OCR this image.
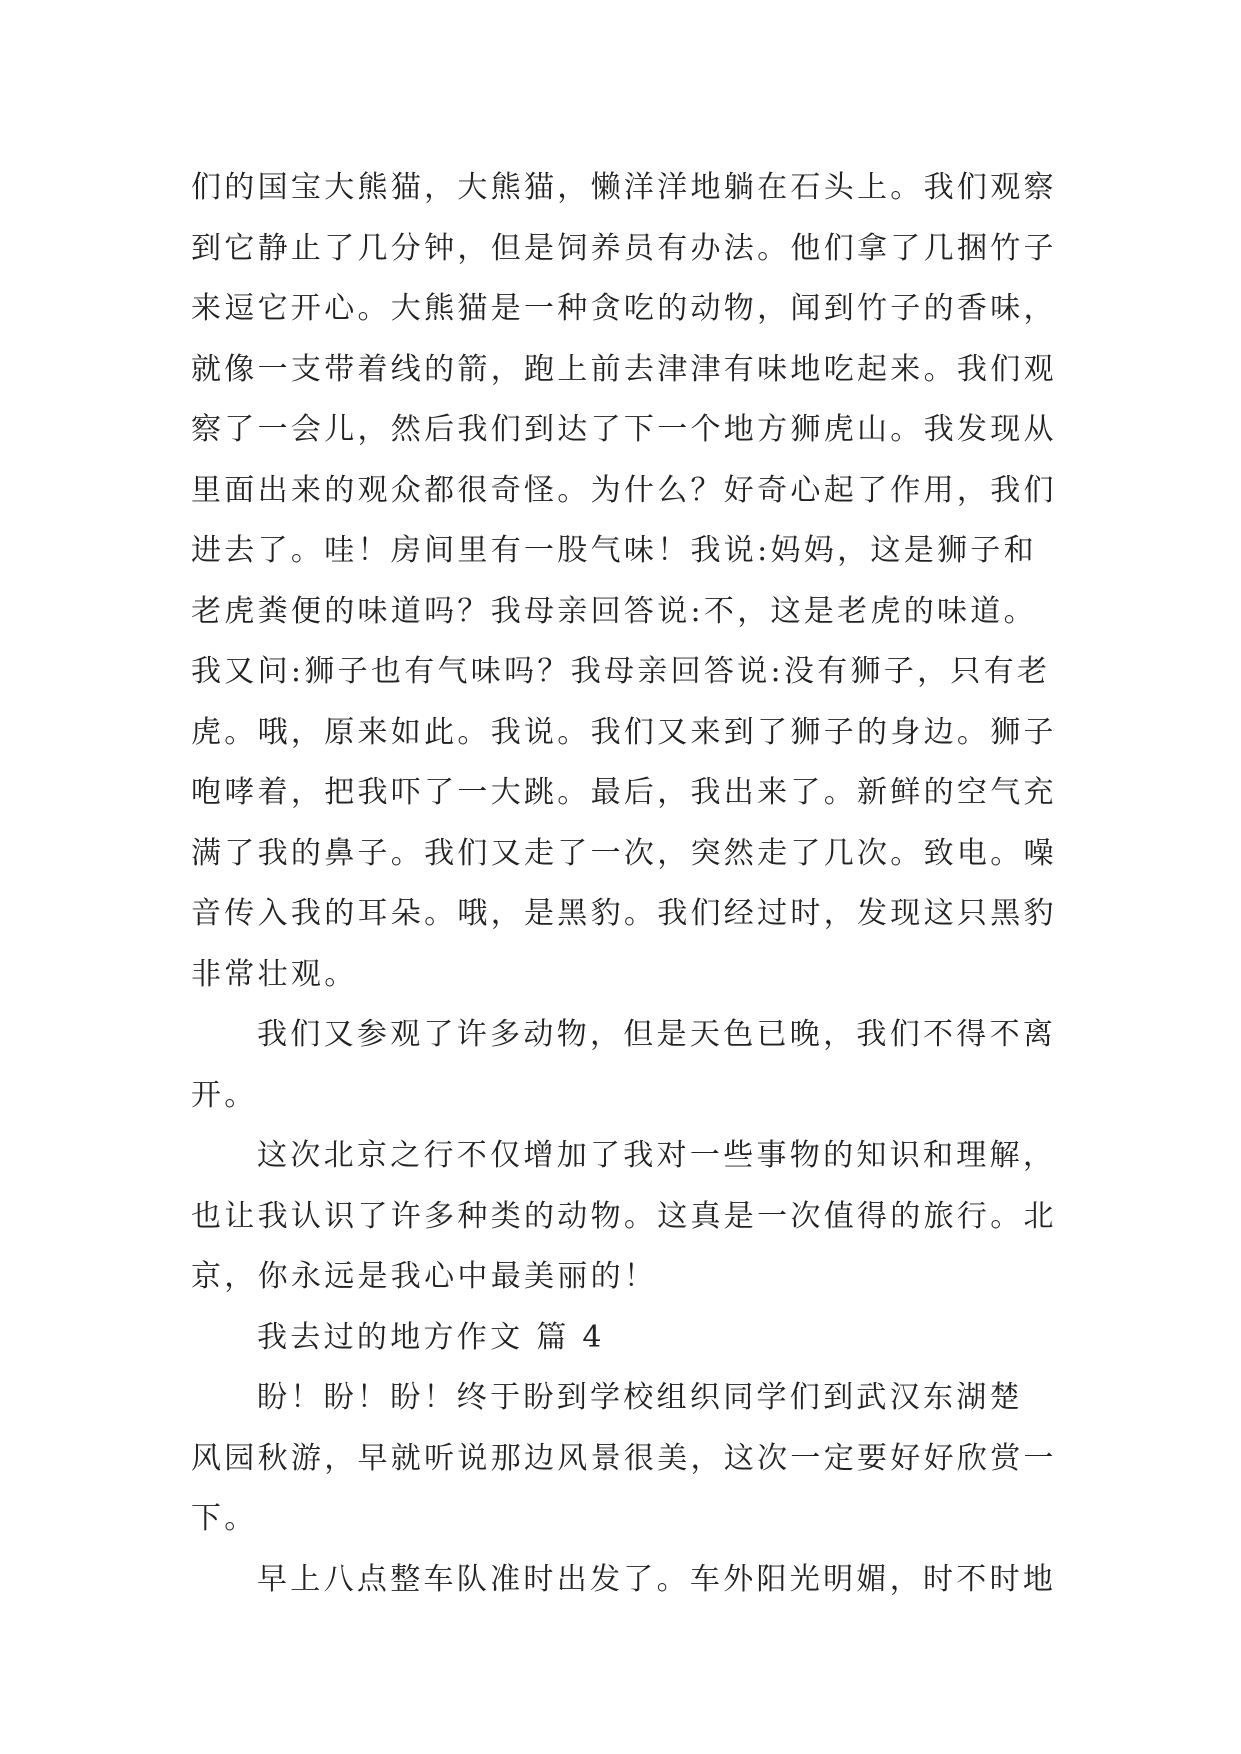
们的国宝大熊猫，大熊猫，懒洋洋地躺在石头上。我们观察
到它静止了几分钟，但是饲养员有办法。他们拿了几捆竹子
来逗它开心。大熊猫是一种贪吃的动物，闻到竹子的香味，
就像一支带着线的箭，跑上前去津津有味地吃起来。我们观
察了一会儿，然后我们到达了下一个地方狮虎山。我发现从
里面出来的观众都很奇怪。为什么？好奇心起了作用，我们
进去了。哇！房间里有一股气味！我说:妈妈，这是狮子和
老虎粪便的味道吗？我母亲回答说:不，这是老虎的味道。
我又问:狮子也有气味吗？我母亲回答说:没有狮子，只有老
虎。哦，原来如此。我说。我们又来到了狮子的身边。狮子
咆哮着，把我吓了一大跳。最后，我出来了。新鲜的空气充
满了我的鼻子。我们又走了一次，突然走了几次。致电。噪
音传入我的耳朵。哦，是黑豹。我们经过时，发现这只黑豹
非常壮观。
我们又参观了许多动物，但是天色已晚，我们不得不离
开。
这次北京之行不仅增加了我对一些事物的知识和理解，
也让我认识了许多种类的动物。这真是一次值得的旅行。北
京，你永远是我心中最美丽的！
我去过的地方作文 篇 4
盼！盼！盼！终于盼到学校组织同学们到武汉东湖楚
风园秋游，早就听说那边风景很美，这次一定要好好欣赏一
下。
早上八点整车队准时出发了。车外阳光明媚，时不时地
